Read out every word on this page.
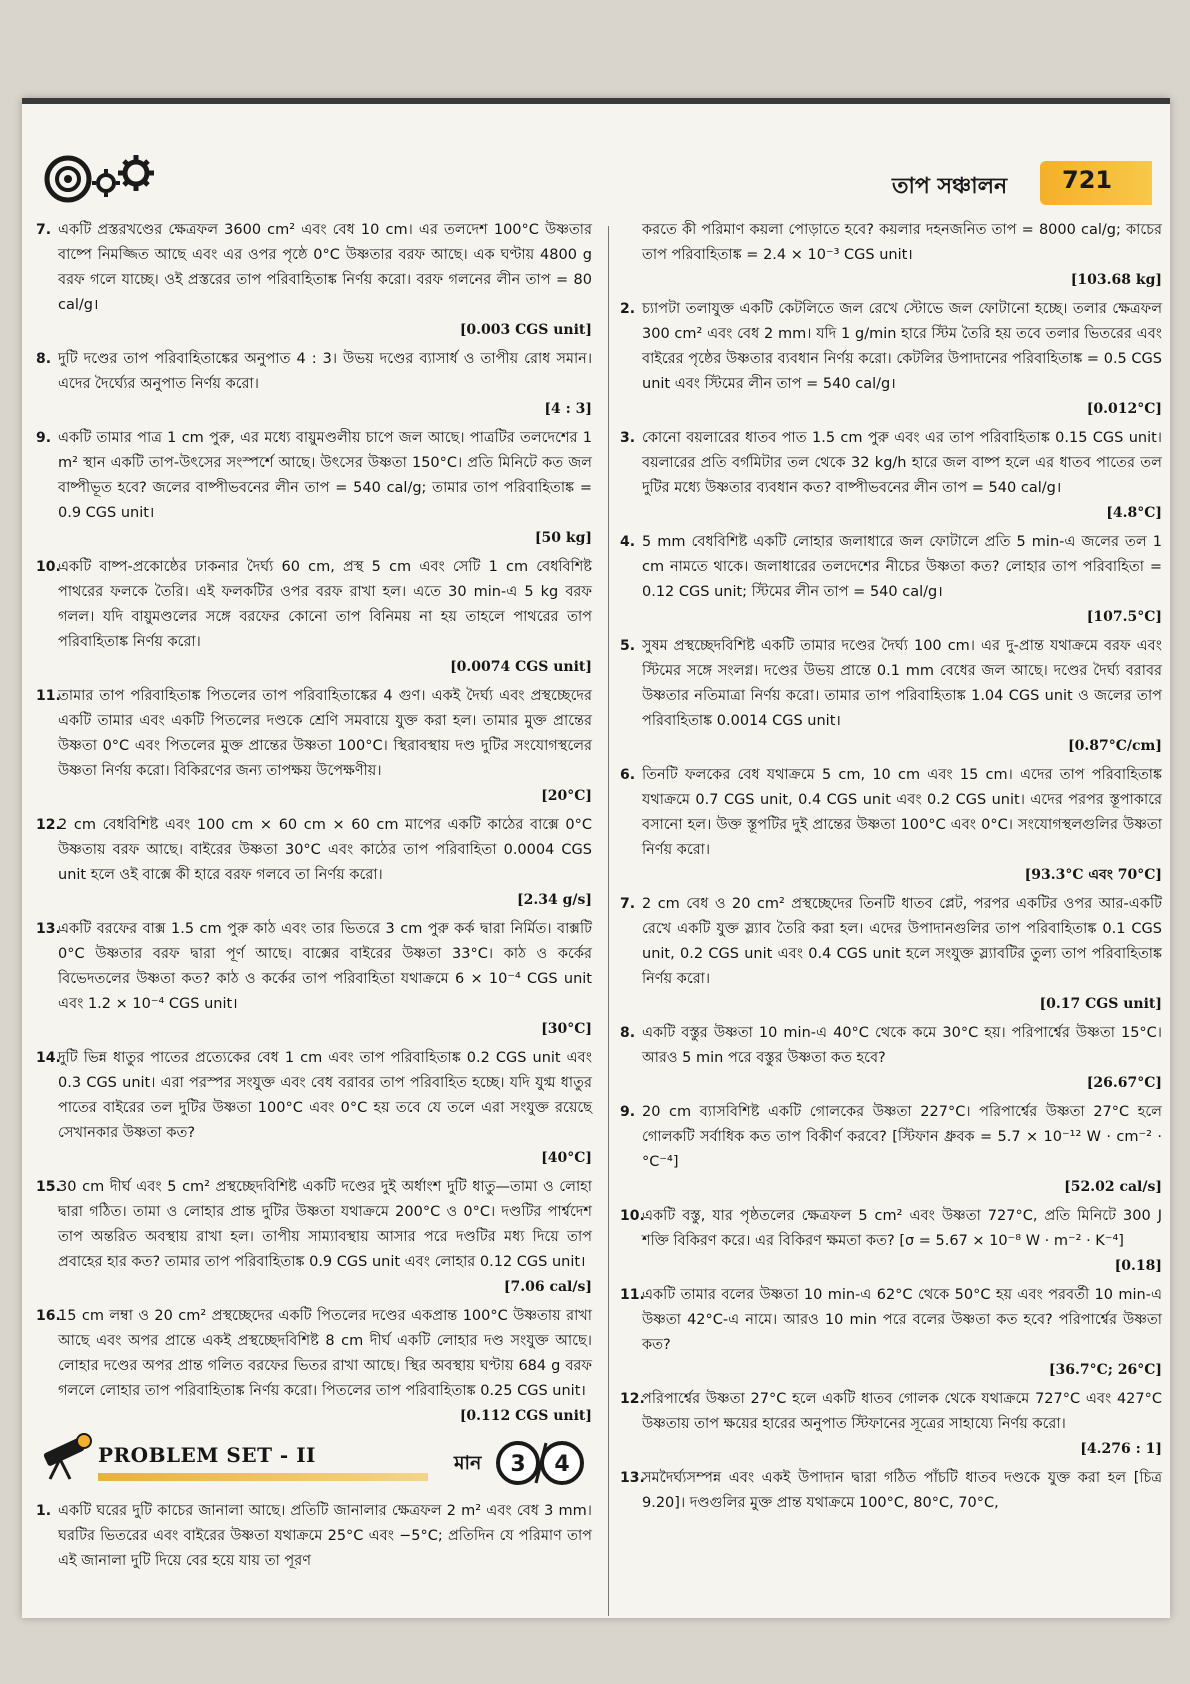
তাপ সঞ্চালন 721
7. একটি প্রস্তরখণ্ডের ক্ষেত্রফল 3600 cm² এবং বেধ 10 cm। এর তলদেশ 100°C উষ্ণতার বাষ্পে নিমজ্জিত আছে এবং এর ওপর পৃষ্ঠে 0°C উষ্ণতার বরফ আছে। এক ঘণ্টায় 4800 g বরফ গলে যাচ্ছে। ওই প্রস্তরের তাপ পরিবাহিতাঙ্ক নির্ণয় করো। বরফ গলনের লীন তাপ = 80 cal/g।
[0.003 CGS unit]
8. দুটি দণ্ডের তাপ পরিবাহিতাঙ্কের অনুপাত 4 : 3। উভয় দণ্ডের ব্যাসার্ধ ও তাপীয় রোধ সমান। এদের দৈর্ঘ্যের অনুপাত নির্ণয় করো।
[4 : 3]
9. একটি তামার পাত্র 1 cm পুরু, এর মধ্যে বায়ুমণ্ডলীয় চাপে জল আছে। পাত্রটির তলদেশের 1 m² স্থান একটি তাপ-উৎসের সংস্পর্শে আছে। উৎসের উষ্ণতা 150°C। প্রতি মিনিটে কত জল বাষ্পীভূত হবে? জলের বাষ্পীভবনের লীন তাপ = 540 cal/g; তামার তাপ পরিবাহিতাঙ্ক = 0.9 CGS unit।
[50 kg]
10.
একটি বাষ্প-প্রকোষ্ঠের ঢাকনার দৈর্ঘ্য 60 cm, প্রস্থ 5 cm এবং সেটি 1 cm বেধবিশিষ্ট পাথরের ফলকে তৈরি। এই ফলকটির ওপর বরফ রাখা হল। এতে 30 min-এ 5 kg বরফ গলল। যদি বায়ুমণ্ডলের সঙ্গে বরফের কোনো তাপ বিনিময় না হয় তাহলে পাথরের তাপ পরিবাহিতাঙ্ক নির্ণয় করো।
[0.0074 CGS unit]
11.
তামার তাপ পরিবাহিতাঙ্ক পিতলের তাপ পরিবাহিতাঙ্কের 4 গুণ। একই দৈর্ঘ্য এবং প্রস্থচ্ছেদের একটি তামার এবং একটি পিতলের দণ্ডকে শ্রেণি সমবায়ে যুক্ত করা হল। তামার মুক্ত প্রান্তের উষ্ণতা 0°C এবং পিতলের মুক্ত প্রান্তের উষ্ণতা 100°C। স্থিরাবস্থায় দণ্ড দুটির সংযোগস্থলের উষ্ণতা নির্ণয় করো। বিকিরণের জন্য তাপক্ষয় উপেক্ষণীয়।
[20°C]
12.
2 cm বেধবিশিষ্ট এবং 100 cm × 60 cm × 60 cm মাপের একটি কাঠের বাক্সে 0°C উষ্ণতায় বরফ আছে। বাইরের উষ্ণতা 30°C এবং কাঠের তাপ পরিবাহিতা 0.0004 CGS unit হলে ওই বাক্সে কী হারে বরফ গলবে তা নির্ণয় করো।
[2.34 g/s]
13.
একটি বরফের বাক্স 1.5 cm পুরু কাঠ এবং তার ভিতরে 3 cm পুরু কর্ক দ্বারা নির্মিত। বাক্সটি 0°C উষ্ণতার বরফ দ্বারা পূর্ণ আছে। বাক্সের বাইরের উষ্ণতা 33°C। কাঠ ও কর্কের বিভেদতলের উষ্ণতা কত? কাঠ ও কর্কের তাপ পরিবাহিতা যথাক্রমে 6 × 10⁻⁴ CGS unit এবং 1.2 × 10⁻⁴ CGS unit।
[30°C]
14.
দুটি ভিন্ন ধাতুর পাতের প্রত্যেকের বেধ 1 cm এবং তাপ পরিবাহিতাঙ্ক 0.2 CGS unit এবং 0.3 CGS unit। এরা পরস্পর সংযুক্ত এবং বেধ বরাবর তাপ পরিবাহিত হচ্ছে। যদি যুগ্ম ধাতুর পাতের বাইরের তল দুটির উষ্ণতা 100°C এবং 0°C হয় তবে যে তলে এরা সংযুক্ত রয়েছে সেখানকার উষ্ণতা কত?
[40°C]
15.
30 cm দীর্ঘ এবং 5 cm² প্রস্থচ্ছেদবিশিষ্ট একটি দণ্ডের দুই অর্ধাংশ দুটি ধাতু—তামা ও লোহা দ্বারা গঠিত। তামা ও লোহার প্রান্ত দুটির উষ্ণতা যথাক্রমে 200°C ও 0°C। দণ্ডটির পার্শ্বদেশ তাপ অন্তরিত অবস্থায় রাখা হল। তাপীয় সাম্যাবস্থায় আসার পরে দণ্ডটির মধ্য দিয়ে তাপ প্রবাহের হার কত? তামার তাপ পরিবাহিতাঙ্ক 0.9 CGS unit এবং লোহার 0.12 CGS unit।
[7.06 cal/s]
16.
15 cm লম্বা ও 20 cm² প্রস্থচ্ছেদের একটি পিতলের দণ্ডের একপ্রান্ত 100°C উষ্ণতায় রাখা আছে এবং অপর প্রান্তে একই প্রস্থচ্ছেদবিশিষ্ট 8 cm দীর্ঘ একটি লোহার দণ্ড সংযুক্ত আছে। লোহার দণ্ডের অপর প্রান্ত গলিত বরফের ভিতর রাখা আছে। স্থির অবস্থায় ঘণ্টায় 684 g বরফ গললে লোহার তাপ পরিবাহিতাঙ্ক নির্ণয় করো। পিতলের তাপ পরিবাহিতাঙ্ক 0.25 CGS unit।
[0.112 CGS unit]
PROBLEM SET - II	মান 3 4
1. একটি ঘরের দুটি কাচের জানালা আছে। প্রতিটি জানালার ক্ষেত্রফল 2 m² এবং বেধ 3 mm। ঘরটির ভিতরের এবং বাইরের উষ্ণতা যথাক্রমে 25°C এবং −5°C; প্রতিদিন যে পরিমাণ তাপ এই জানালা দুটি দিয়ে বের হয়ে যায় তা পূরণ
করতে কী পরিমাণ কয়লা পোড়াতে হবে? কয়লার দহনজনিত তাপ = 8000 cal/g; কাচের তাপ পরিবাহিতাঙ্ক = 2.4 × 10⁻³ CGS unit।
[103.68 kg]
2. চ্যাপটা তলাযুক্ত একটি কেটলিতে জল রেখে স্টোভে জল ফোটানো হচ্ছে। তলার ক্ষেত্রফল 300 cm² এবং বেধ 2 mm। যদি 1 g/min হারে স্টিম তৈরি হয় তবে তলার ভিতরের এবং বাইরের পৃষ্ঠের উষ্ণতার ব্যবধান নির্ণয় করো। কেটলির উপাদানের পরিবাহিতাঙ্ক = 0.5 CGS unit এবং স্টিমের লীন তাপ = 540 cal/g।
[0.012°C]
3. কোনো বয়লারের ধাতব পাত 1.5 cm পুরু এবং এর তাপ পরিবাহিতাঙ্ক 0.15 CGS unit। বয়লারের প্রতি বর্গমিটার তল থেকে 32 kg/h হারে জল বাষ্প হলে এর ধাতব পাতের তল দুটির মধ্যে উষ্ণতার ব্যবধান কত? বাষ্পীভবনের লীন তাপ = 540 cal/g।
[4.8°C]
4. 5 mm বেধবিশিষ্ট একটি লোহার জলাধারে জল ফোটালে প্রতি 5 min-এ জলের তল 1 cm নামতে থাকে। জলাধারের তলদেশের নীচের উষ্ণতা কত? লোহার তাপ পরিবাহিতা = 0.12 CGS unit; স্টিমের লীন তাপ = 540 cal/g।
[107.5°C]
5. সুষম প্রস্থচ্ছেদবিশিষ্ট একটি তামার দণ্ডের দৈর্ঘ্য 100 cm। এর দু-প্রান্ত যথাক্রমে বরফ এবং স্টিমের সঙ্গে সংলগ্ন। দণ্ডের উভয় প্রান্তে 0.1 mm বেধের জল আছে। দণ্ডের দৈর্ঘ্য বরাবর উষ্ণতার নতিমাত্রা নির্ণয় করো। তামার তাপ পরিবাহিতাঙ্ক 1.04 CGS unit ও জলের তাপ পরিবাহিতাঙ্ক 0.0014 CGS unit।
[0.87°C/cm]
6. তিনটি ফলকের বেধ যথাক্রমে 5 cm, 10 cm এবং 15 cm। এদের তাপ পরিবাহিতাঙ্ক যথাক্রমে 0.7 CGS unit, 0.4 CGS unit এবং 0.2 CGS unit। এদের পরপর স্তূপাকারে বসানো হল। উক্ত স্তূপটির দুই প্রান্তের উষ্ণতা 100°C এবং 0°C। সংযোগস্থলগুলির উষ্ণতা নির্ণয় করো।
[93.3°C এবং 70°C]
7. 2 cm বেধ ও 20 cm² প্রস্থচ্ছেদের তিনটি ধাতব প্লেট, পরপর একটির ওপর আর-একটি রেখে একটি যুক্ত স্ল্যাব তৈরি করা হল। এদের উপাদানগুলির তাপ পরিবাহিতাঙ্ক 0.1 CGS unit, 0.2 CGS unit এবং 0.4 CGS unit হলে সংযুক্ত স্ল্যাবটির তুল্য তাপ পরিবাহিতাঙ্ক নির্ণয় করো।
[0.17 CGS unit]
8. একটি বস্তুর উষ্ণতা 10 min-এ 40°C থেকে কমে 30°C হয়। পরিপার্শ্বের উষ্ণতা 15°C। আরও 5 min পরে বস্তুর উষ্ণতা কত হবে?
[26.67°C]
9. 20 cm ব্যাসবিশিষ্ট একটি গোলকের উষ্ণতা 227°C। পরিপার্শ্বের উষ্ণতা 27°C হলে গোলকটি সর্বাধিক কত তাপ বিকীর্ণ করবে? [স্টিফান ধ্রুবক = 5.7 × 10⁻¹² W · cm⁻² · °C⁻⁴]
[52.02 cal/s]
10.
একটি বস্তু, যার পৃষ্ঠতলের ক্ষেত্রফল 5 cm² এবং উষ্ণতা 727°C, প্রতি মিনিটে 300 J শক্তি বিকিরণ করে। এর বিকিরণ ক্ষমতা কত? [σ = 5.67 × 10⁻⁸ W · m⁻² · K⁻⁴]
[0.18]
11.
একটি তামার বলের উষ্ণতা 10 min-এ 62°C থেকে 50°C হয় এবং পরবর্তী 10 min-এ উষ্ণতা 42°C-এ নামে। আরও 10 min পরে বলের উষ্ণতা কত হবে? পরিপার্শ্বের উষ্ণতা কত?
[36.7°C; 26°C]
12.
পরিপার্শ্বের উষ্ণতা 27°C হলে একটি ধাতব গোলক থেকে যথাক্রমে 727°C এবং 427°C উষ্ণতায় তাপ ক্ষয়ের হারের অনুপাত স্টিফানের সূত্রের সাহায্যে নির্ণয় করো।
[4.276 : 1]
13.
সমদৈর্ঘ্যসম্পন্ন এবং একই উপাদান দ্বারা গঠিত পাঁচটি ধাতব দণ্ডকে যুক্ত করা হল [চিত্র 9.20]। দণ্ডগুলির মুক্ত প্রান্ত যথাক্রমে 100°C, 80°C, 70°C,
